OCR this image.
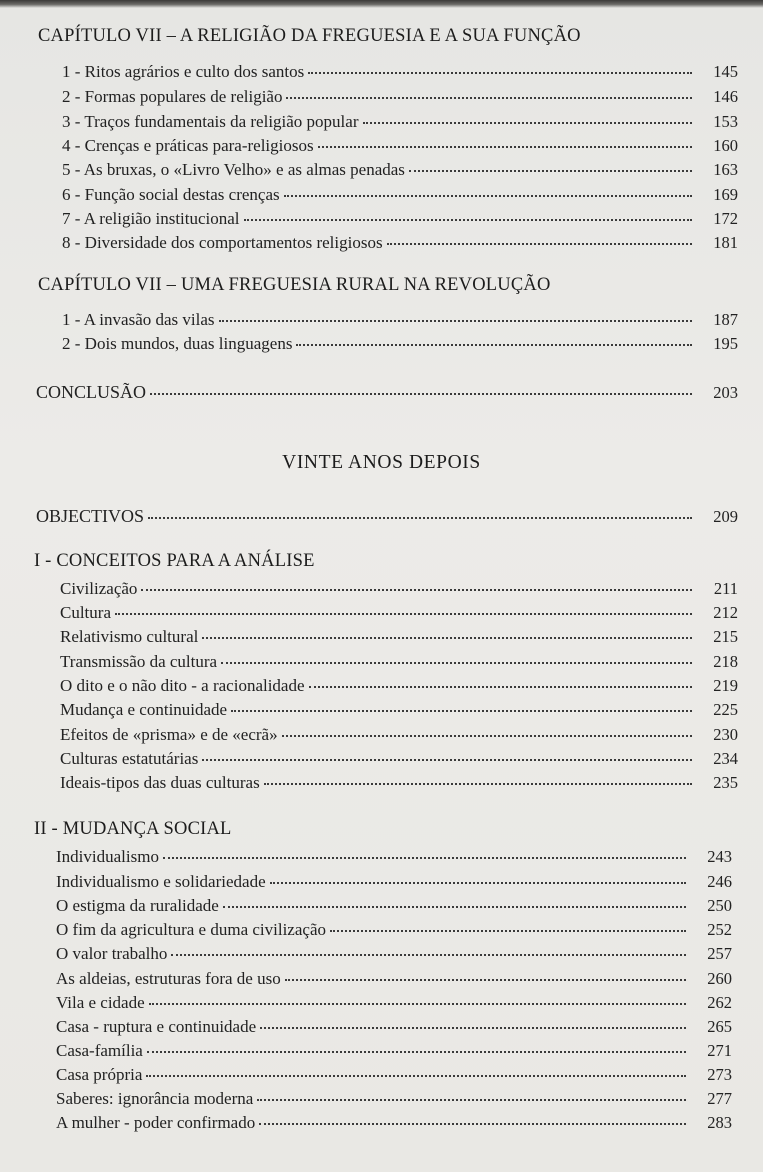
CAPÍTULO VII – A RELIGIÃO DA FREGUESIA E A SUA FUNÇÃO
1 - Ritos agrários e culto dos santos	145
2 - Formas populares de religião	146
3 - Traços fundamentais da religião popular	153
4 - Crenças e práticas para-religiosos	160
5 - As bruxas, o «Livro Velho» e as almas penadas	163
6 - Função social destas crenças	169
7 - A religião institucional	172
8 - Diversidade dos comportamentos religiosos	181
CAPÍTULO VII – UMA FREGUESIA RURAL NA REVOLUÇÃO
1 - A invasão das vilas	187
2 - Dois mundos, duas linguagens	195
CONCLUSÃO	203
VINTE ANOS DEPOIS
OBJECTIVOS	209
I - CONCEITOS PARA A ANÁLISE
Civilização	211
Cultura	212
Relativismo cultural	215
Transmissão da cultura	218
O dito e o não dito - a racionalidade	219
Mudança e continuidade	225
Efeitos de «prisma» e de «ecrã»	230
Culturas estatutárias	234
Ideais-tipos das duas culturas	235
II - MUDANÇA SOCIAL
Individualismo	243
Individualismo e solidariedade	246
O estigma da ruralidade	250
O fim da agricultura e duma civilização	252
O valor trabalho	257
As aldeias, estruturas fora de uso	260
Vila e cidade	262
Casa - ruptura e continuidade	265
Casa-família	271
Casa própria	273
Saberes: ignorância moderna	277
A mulher - poder confirmado	283
